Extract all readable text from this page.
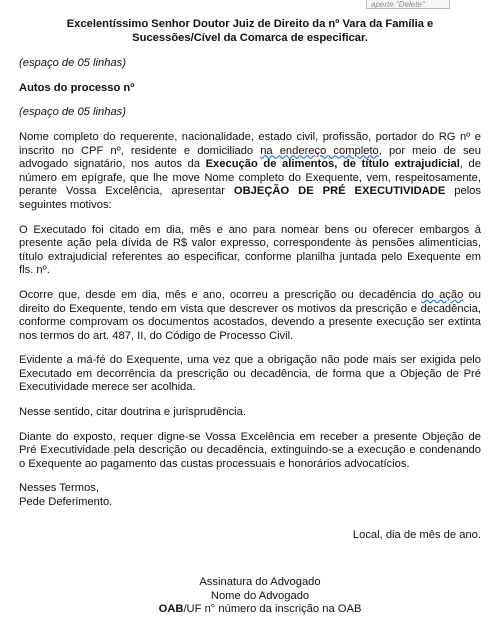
aperte "Delete"
Excelentíssimo Senhor Doutor Juiz de Direito da nº Vara da Família e Sucessões/Cível da Comarca de especificar.
(espaço de 05 linhas)
Autos do processo nº
(espaço de 05 linhas)

Nome completo do requerente, nacionalidade, estado civil, profissão, portador do RG nº e inscrito no CPF nº, residente e domiciliado na endereço completo, por meio de seu advogado signatário, nos autos da Execução de alimentos, de título extrajudicial, de número em epígrafe, que lhe move Nome completo do Exequente, vem, respeitosamente, perante Vossa Excelência, apresentar OBJEÇÃO DE PRÉ EXECUTIVIDADE pelos seguintes motivos:

O Executado foi citado em dia, mês e ano para nomear bens ou oferecer embargos à presente ação pela dívida de R$ valor expresso, correspondente às pensões alimentícias, título extrajudicial referentes ao especificar, conforme planilha juntada pelo Exequente em fls. nº.

Ocorre que, desde em dia, mês e ano, ocorreu a prescrição ou decadência do ação ou direito do Exequente, tendo em vista que descrever os motivos da prescrição e decadência, conforme comprovam os documentos acostados, devendo a presente execução ser extinta nos termos do art. 487, II, do Código de Processo Civil.

Evidente a má-fé do Exequente, uma vez que a obrigação não pode mais ser exigida pelo Executado em decorrência da prescrição ou decadência, de forma que a Objeção de Pré Executividade merece ser acolhida.

Nesse sentido, citar doutrina e jurisprudência.

Diante do exposto, requer digne-se Vossa Excelência em receber a presente Objeção de Pré Executividade pela descrição ou decadência, extinguindo-se a execução e condenando o Exequente ao pagamento das custas processuais e honorários advocatícios.

Nesses Termos,
Pede Deferimento.
Local, dia de mês de ano.
Assinatura do Advogado
Nome do Advogado
OAB/UF n° número da inscrição na OAB
